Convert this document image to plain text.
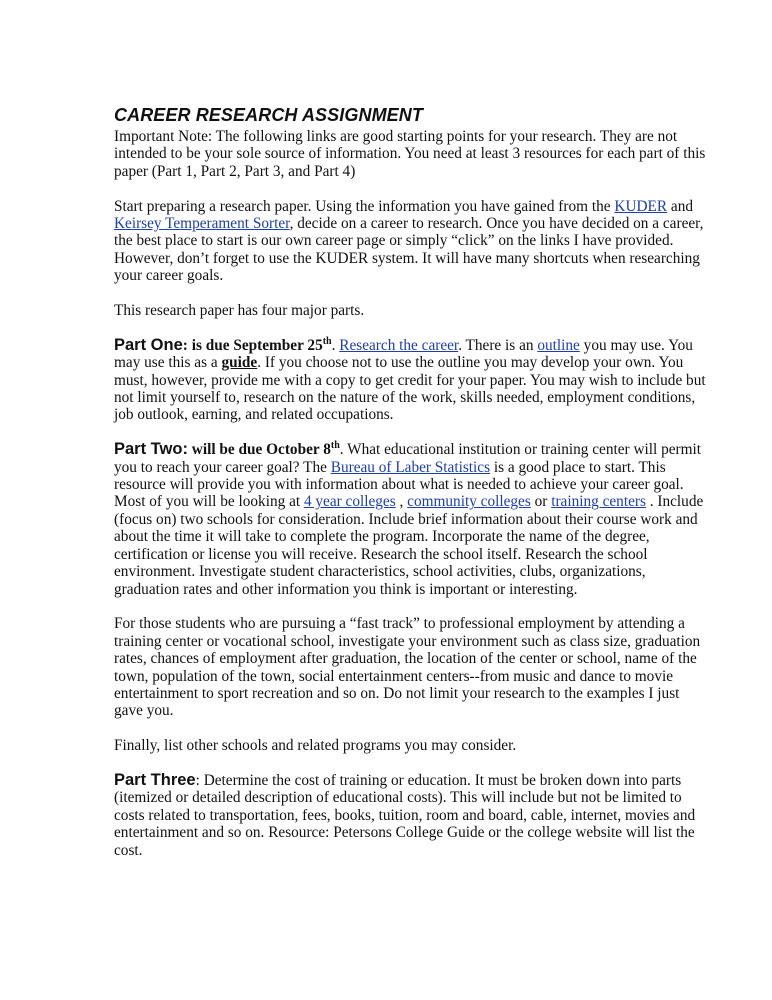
CAREER RESEARCH ASSIGNMENT

Important Note: The following links are good starting points for your research. They are not intended to be your sole source of information. You need at least 3 resources for each part of this paper (Part 1, Part 2, Part 3, and Part 4)

Start preparing a research paper. Using the information you have gained from the KUDER and Keirsey Temperament Sorter, decide on a career to research. Once you have decided on a career, the best place to start is our own career page or simply “click” on the links I have provided. However, don’t forget to use the KUDER system. It will have many shortcuts when researching your career goals.

This research paper has four major parts.

Part One: is due September 25th. Research the career. There is an outline you may use. You may use this as a guide. If you choose not to use the outline you may develop your own. You must, however, provide me with a copy to get credit for your paper. You may wish to include but not limit yourself to, research on the nature of the work, skills needed, employment conditions, job outlook, earning, and related occupations.

Part Two: will be due October 8th. What educational institution or training center will permit you to reach your career goal? The Bureau of Laber Statistics is a good place to start. This resource will provide you with information about what is needed to achieve your career goal. Most of you will be looking at 4 year colleges , community colleges or training centers . Include (focus on) two schools for consideration. Include brief information about their course work and about the time it will take to complete the program. Incorporate the name of the degree, certification or license you will receive. Research the school itself. Research the school environment. Investigate student characteristics, school activities, clubs, organizations, graduation rates and other information you think is important or interesting.

For those students who are pursuing a “fast track” to professional employment by attending a training center or vocational school, investigate your environment such as class size, graduation rates, chances of employment after graduation, the location of the center or school, name of the town, population of the town, social entertainment centers--from music and dance to movie entertainment to sport recreation and so on. Do not limit your research to the examples I just gave you.

Finally, list other schools and related programs you may consider.

Part Three: Determine the cost of training or education. It must be broken down into parts (itemized or detailed description of educational costs). This will include but not be limited to costs related to transportation, fees, books, tuition, room and board, cable, internet, movies and entertainment and so on. Resource: Petersons College Guide or the college website will list the cost.
